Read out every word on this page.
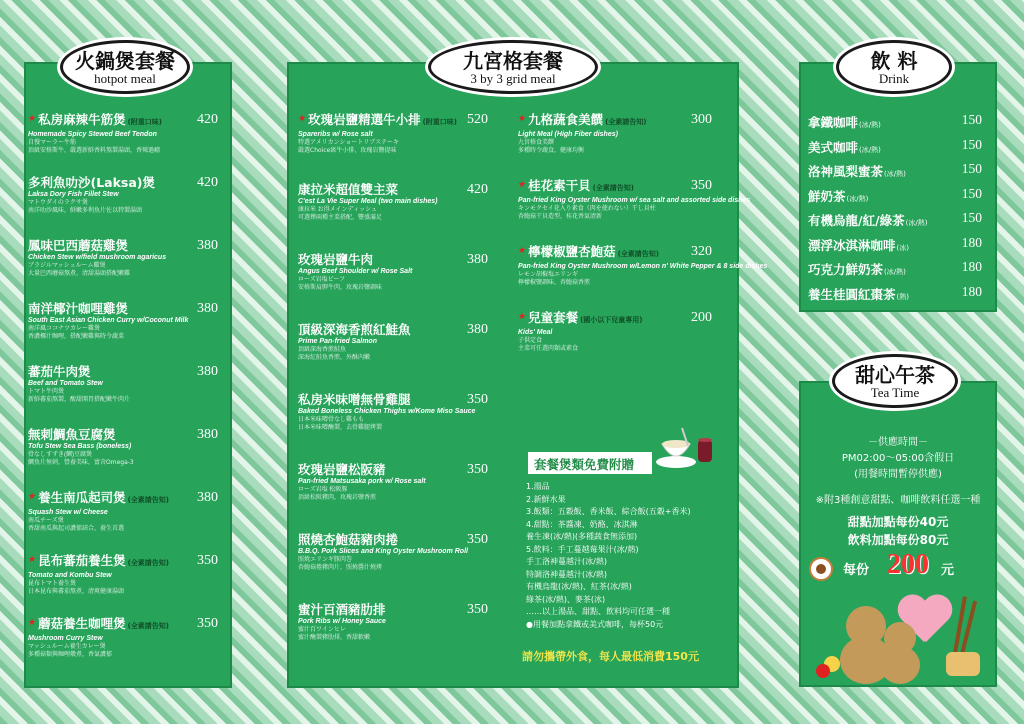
火鍋煲套餐
hotpot meal
九宮格套餐
3 by 3 grid meal
飲 料
Drink
甜心午茶
Tea Time
★ 私房麻辣牛筋煲 (附重口味)
Homemade Spicy Stewed Beef Tendon
自慢マーラー牛筋
頂級安格斯牛，嚴選新鮮香料熬製湯頭，香辣過癮
420
多利魚叻沙(Laksa)煲
Laksa Dory Fish Fillet Stew
マトウダイのラクサ煲
南洋叻沙風味，鮮嫩多利魚片佐以特製湯頭
420
鳳味巴西蘑菇雞煲
Chicken Stew w/field mushroom agaricus
ブラジルマッシュルーム雞煲
大量巴西蘑菇熬煮，清甜湯頭搭配嫩雞
380
南洋椰汁咖哩雞煲
South East Asian Chicken Curry w/Coconut Milk
南洋風ココナツカレー雞煲
香濃椰汁咖哩，搭配嫩雞與時令蔬菜
380
蕃茄牛肉煲
Beef and Tomato Stew
トマト牛肉煲
新鮮蕃茄熬製，酸甜開胃搭配嫩牛肉片
380
無刺鯛魚豆腐煲
Tofu Stew Sea Bass (boneless)
骨なしすずき(鯛)豆腐煲
鯛魚片無刺，營養美味，富含Omega-3
380
★ 養生南瓜起司煲 (全素請告知)
Squash Stew w/ Cheese
南瓜チーズ煲
香甜南瓜與起司濃郁結合，養生首選
380
★ 昆布蕃茄養生煲 (全素請告知)
Tomato and Kombu Stew
昆布トマト養生煲
日本昆布與蕃茄熬煮，清爽健康湯頭
350
★ 蘑菇養生咖哩煲 (全素請告知)
Mushroom Curry Stew
マッシュルーム養生カレー煲
多種菇類與咖哩燉煮，香氣濃郁
350
★ 玫瑰岩鹽精選牛小排 (附重口味)
Spareribs w/ Rose salt
特選アメリカンショートリブステーキ
嚴選Choice級牛小排，玫瑰岩鹽提味
520
康拉米超值雙主菜
C'est La Vie Super Meal (two main dishes)
康拉米 お得メインディッシュ
可選擇兩種主菜搭配，豐盛滿足
420
玫瑰岩鹽牛肉
Angus Beef Shoulder w/ Rose Salt
ローズ岩塩ビーフ
安格斯肩胛牛肉，玫瑰岩鹽調味
380
頂級深海香煎紅鮭魚
Prime Pan-fried Salmon
頂級深海香煎鮭魚
深海紅鮭魚香煎，外酥內嫩
380
私房米味噌無骨雞腿
Baked Boneless Chicken Thighs w/Kome Miso Sauce
日本米味噌骨なし雞もも
日本米味噌醃製，去骨雞腿烤製
350
玫瑰岩鹽松阪豬
Pan-fried Matsusaka pork w/ Rose salt
ローズ岩塩 松阪豚
頂級松阪豬肉，玫瑰岩鹽香煎
350
照燒杏鮑菇豬肉捲
B.B.Q. Pork Slices and King Oyster Mushroom Roll
照焼エリンギ豚肉巻
杏鮑菇捲豬肉片，照燒醬汁燒烤
350
蜜汁百酒豬肋排
Pork Ribs w/ Honey Sauce
蜜汁百ワインヒレ
蜜汁醃製豬肋排，香甜軟嫩
350
★ 九格蔬食美饌 (全素請告知)
Light Meal (High Fiber dishes)
九宮格食美饌
多種時令蔬食，健康均衡
300
★ 桂花素干貝 (全素請告知)
Pan-fried King Oyster Mushroom w/ sea salt and assorted side dishes
キンモクセイ花入り素食（肉を使わない）干し貝柱
杏鮑菇干貝造型，桂花香氣清新
350
★ 檸檬椒鹽杏鮑菇 (全素請告知)
Pan-fried King Oyster Mushroom w/Lemon n' White Pepper & 8 side dishes
レモン胡椒塩エリンギ
檸檬椒鹽調味，杏鮑菇香煎
320
★ 兒童套餐 (國小以下兒童專用)
Kids' Meal
子供定食
主菜可任選肉類或素食
200
套餐煲類免費附贈
1.湯品
2.新鮮水果
3.飯類：五穀飯、香米飯、綜合飯(五穀+香米)
4.甜點：茶醬凍、奶酪、冰淇淋
養生凍(冰/熱)(多種蔬食無添加)
5.飲料：手工蔓越莓果汁(冰/熱)
手工洛神蔓越汁(冰/熱)
特調洛神蔓越汁(冰/熱)
有機烏龍(冰/熱)、紅茶(冰/熱)
綠茶(冰/熱)、麥茶(冰)
……以上湯品、甜點、飲料均可任選一種
●用餐加點拿鐵或美式咖啡，每杯50元
請勿攜帶外食，每人最低消費150元
拿鐵咖啡(冰/熱)	150
美式咖啡(冰/熱)	150
洛神風梨蜜茶(冰/熱)	150
鮮奶茶(冰/熱)	150
有機烏龍/紅/綠茶(冰/熱)	150
漂浮冰淇淋咖啡(冰)	180
巧克力鮮奶茶(冰/熱)	180
養生桂圓紅棗茶(熱)	180
－供應時間－
PM02:00～05:00含假日
(用餐時間暫停供應)
※附3種創意甜點、咖啡飲料任選一種
甜點加點每份40元
飲料加點每份80元
每份 200 元
